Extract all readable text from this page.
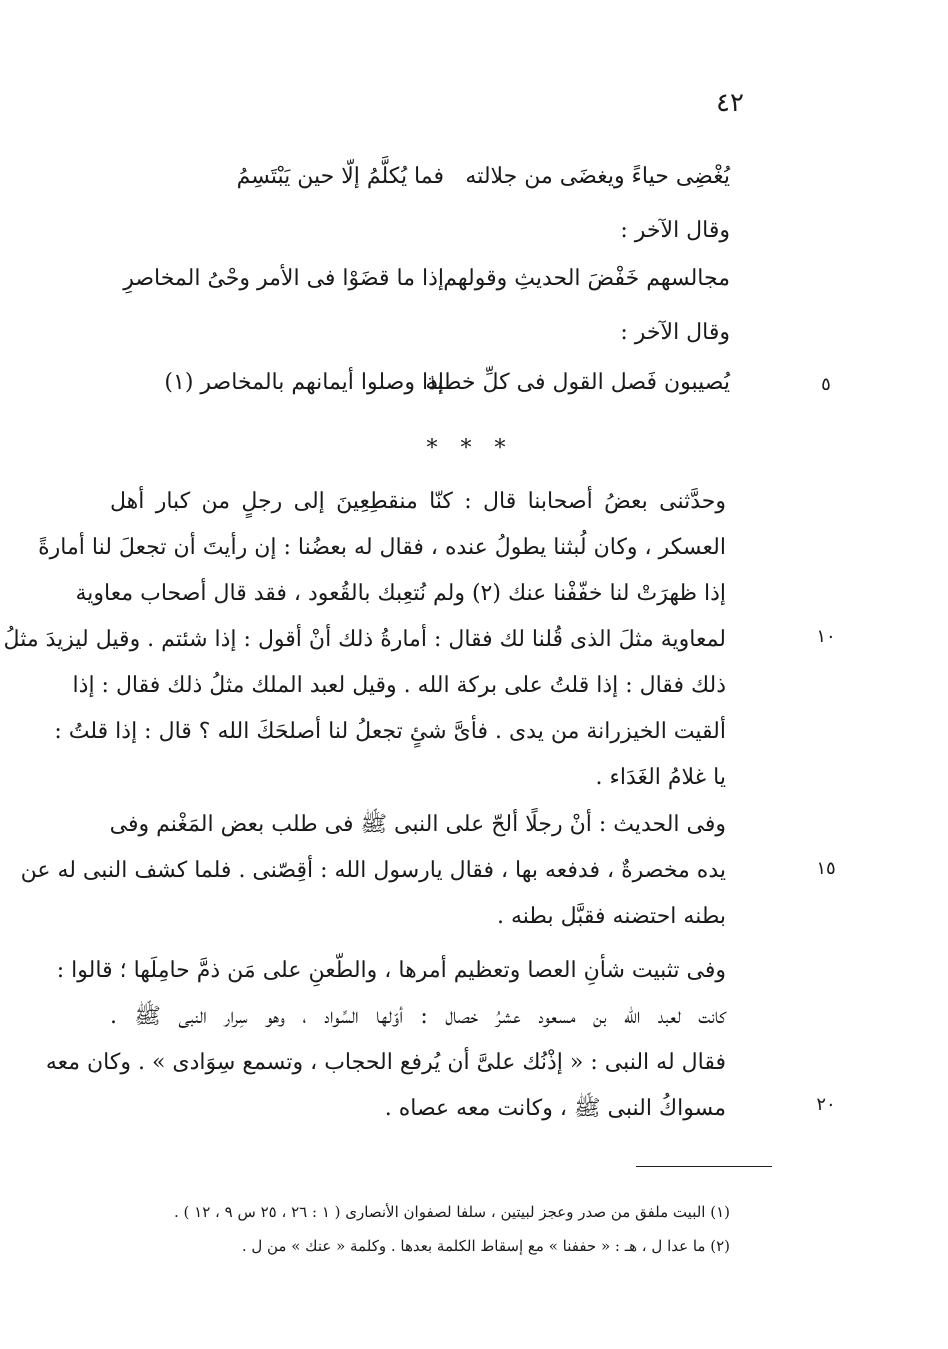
٤٢
يُغْضِى حياءً ويغضَى من جلالته
فما يُكلَّمُ إلّا حين يَبْتَسِمُ
وقال الآخر :
مجالسهم خَفْضَ الحديثِ وقولهم
إذا ما قضَوْا فى الأمر وحْىُ المخاصرِ
وقال الآخر :
يُصيبون فَصل القول فى كلِّ خطبة
إذا وصلوا أيمانهم بالمخاصر (١)	٥
١٠
١٥
٢٠
* * *
وحدَّثنى بعضُ أصحابنا قال : كنّا منقطِعِينَ إلى رجلٍ من كبار أهل
العسكر ، وكان لُبثنا يطولُ عنده ، فقال له بعضُنا : إن رأيتَ أن تجعلَ لنا أمارةً
إذا ظهرَتْ لنا خفّفْنا عنك (٢) ولم نُتعِبك بالقُعود ، فقد قال أصحاب معاوية
لمعاوية مثلَ الذى قُلنا لك فقال : أمارةُ ذلك أنْ أقول : إذا شئتم . وقيل ليزيدَ مثلُ
ذلك فقال : إذا قلتُ على بركة الله . وقيل لعبد الملك مثلُ ذلك فقال : إذا
ألقيت الخيزرانة من يدى . فأىَّ شئٍ تجعلُ لنا أصلحَكَ الله ؟ قال : إذا قلتُ :
يا غلامُ الغَدَاء .
وفى الحديث : أنْ رجلًا ألحّ على النبى ﷺ فى طلب بعض المَغْنم وفى
يده مخصرةٌ ، فدفعه بها ، فقال يارسول الله : أقِصّنى . فلما كشف النبى له عن
بطنه احتضنه فقبَّل بطنه .
وفى تثبيت شأنِ العصا وتعظيم أمرها ، والطّعنِ على مَن ذمَّ حامِلَها ؛ قالوا :
كانت لعبد الله بن مسعود عشرُ خصال : أوّلها السِّواد ، وهو سِرار النبى ﷺ .
فقال له النبى : « إذْنُك علىَّ أن يُرفع الحجاب ، وتسمع سِوَادى » . وكان معه
مسواكُ النبى ﷺ ، وكانت معه عصاه .
(١) البيت ملفق من صدر وعجز لبيتين ، سلفا لصفوان الأنصارى ( ١ : ٢٦ ، ٢٥ س ٩ ، ١٢ ) .
(٢) ما عدا ل ، هـ : « حففنا » مع إسقاط الكلمة بعدها . وكلمة « عنك » من ل .
